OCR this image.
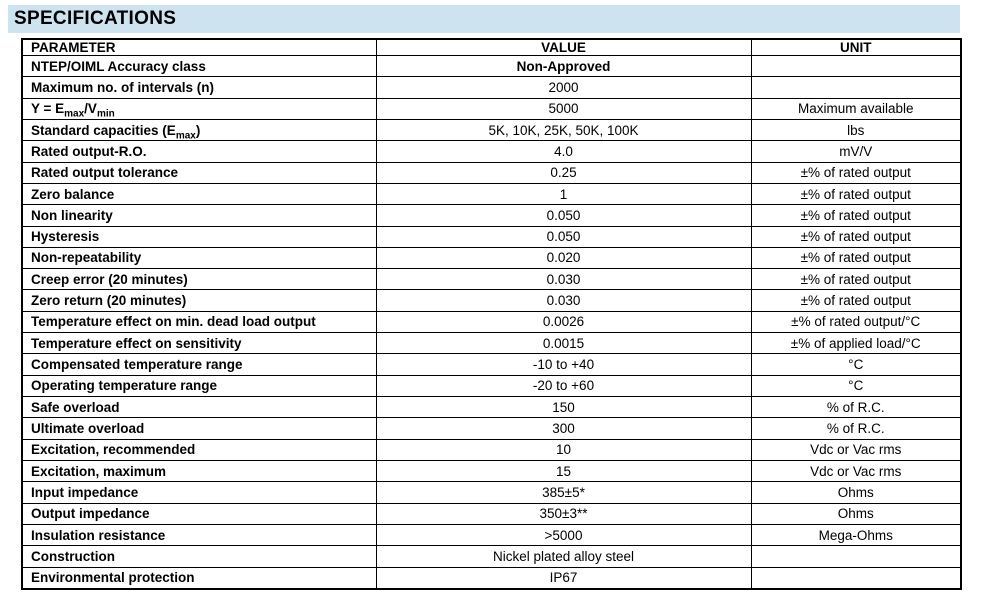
SPECIFICATIONS
PARAMETER	VALUE	UNIT
NTEP/OIML Accuracy class	Non-Approved	
Maximum no. of intervals (n)	2000	
$Y = E_{max}/V_{min}$	5000	Maximum available
Standard capacities $(E_{max})$	5K, 10K, 25K, 50K, 100K	lbs
Rated output-R.O.	4.0	mV/V
Rated output tolerance	0.25	±% of rated output
Zero balance	1	±% of rated output
Non linearity	0.050	±% of rated output
Hysteresis	0.050	±% of rated output
Non-repeatability	0.020	±% of rated output
Creep error (20 minutes)	0.030	±% of rated output
Zero return (20 minutes)	0.030	±% of rated output
Temperature effect on min. dead load output	0.0026	±% of rated output/°C
Temperature effect on sensitivity	0.0015	±% of applied load/°C
Compensated temperature range	-10 to +40	°C
Operating temperature range	-20 to +60	°C
Safe overload	150	% of R.C.
Ultimate overload	300	% of R.C.
Excitation, recommended	10	Vdc or Vac rms
Excitation, maximum	15	Vdc or Vac rms
Input impedance	385±5*	Ohms
Output impedance	350±3**	Ohms
Insulation resistance	>5000	Mega-Ohms
Construction	Nickel plated alloy steel	
Environmental protection	IP67	
